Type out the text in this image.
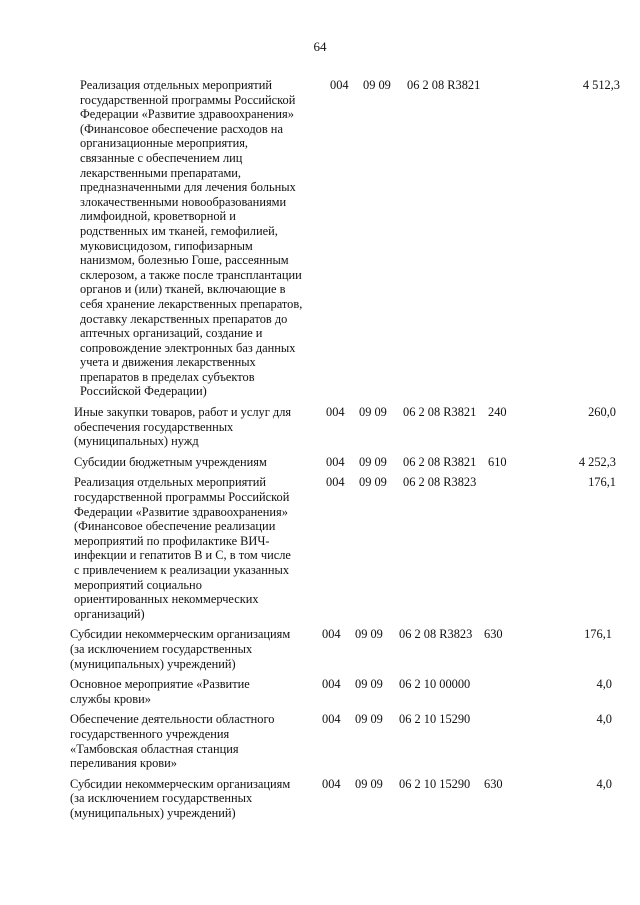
64
Реализация отдельных мероприятий
государственной программы Российской
Федерации «Развитие здравоохранения»
(Финансовое обеспечение расходов на
организационные мероприятия,
связанные с обеспечением лиц
лекарственными препаратами,
предназначенными для лечения больных
злокачественными новообразованиями
лимфоидной, кроветворной и
родственных им тканей, гемофилией,
муковисцидозом, гипофизарным
нанизмом, болезнью Гоше, рассеянным
склерозом, а также после трансплантации
органов и (или) тканей, включающие в
себя хранение лекарственных препаратов,
доставку лекарственных препаратов до
аптечных организаций, создание и
сопровождение электронных баз данных
учета и движения лекарственных
препаратов в пределах субъектов
Российской Федерации)
004 09 09 06 2 08 R3821	4 512,3
Иные закупки товаров, работ и услуг для
обеспечения государственных
(муниципальных) нужд
004 09 09 06 2 08 R3821 240	260,0
Субсидии бюджетным учреждениям	004 09 09 06 2 08 R3821 610	4 252,3
Реализация отдельных мероприятий
государственной программы Российской
Федерации «Развитие здравоохранения»
(Финансовое обеспечение реализации
мероприятий по профилактике ВИЧ-
инфекции и гепатитов B и C, в том числе
с привлечением к реализации указанных
мероприятий социально
ориентированных некоммерческих
организаций)
004 09 09 06 2 08 R3823	176,1
Субсидии некоммерческим организациям
(за исключением государственных
(муниципальных) учреждений)
004 09 09 06 2 08 R3823 630	176,1
Основное мероприятие «Развитие
службы крови»
004 09 09 06 2 10 00000	4,0
Обеспечение деятельности областного
государственного учреждения
«Тамбовская областная станция
переливания крови»
004 09 09 06 2 10 15290	4,0
Субсидии некоммерческим организациям
(за исключением государственных
(муниципальных) учреждений)
004 09 09 06 2 10 15290 630	4,0
